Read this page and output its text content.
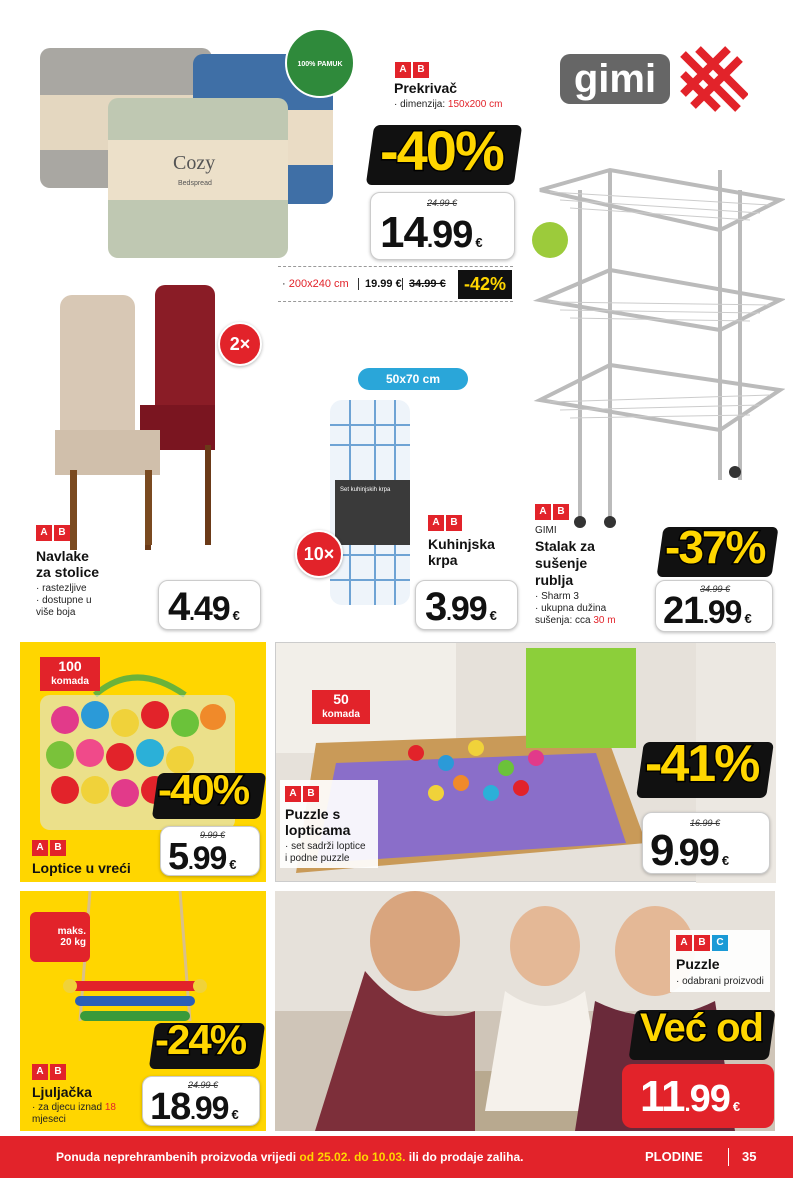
Cozy
Bedspread
100% PAMUK	A	B
Prekrivač
· dimenzija: 150x200 cm
-40%
24.99 €
14.99 €
· 200x240 cm	19.99 € 34.99 €	-42%
gimi
2×
A	B
Navlake
za stolice
· rastezljive
· dostupne u
više boja 4.49 €
50x70 cm
Set kuhinjskih krpa
10×
A	B
Kuhinjska
krpa
3.99 €
A	B
GIMI
Stalak za
sušenje
rublja
· Sharm 3
· ukupna dužina
sušenja: cca 30 m
-37%
34.99 €
21.99 €
100
komada
-40%
A	B
Loptice u vreći
9.99 €
5.99 €
50
komada
A	B
Puzzle s
lopticama
· set sadrži loptice
i podne puzzle
-41%
16.99 €
9.99 €
maks.
20 kg
-24%
A	B
Ljuljačka
· za djecu iznad 18
mjeseci
24.99 €
18.99 €
A	B	C
Puzzle
· odabrani proizvodi
Već od
11.99 €
Ponuda neprehrambenih proizvoda vrijedi od 25.02. do 10.03. ili do prodaje zaliha.	PLODINE	35
